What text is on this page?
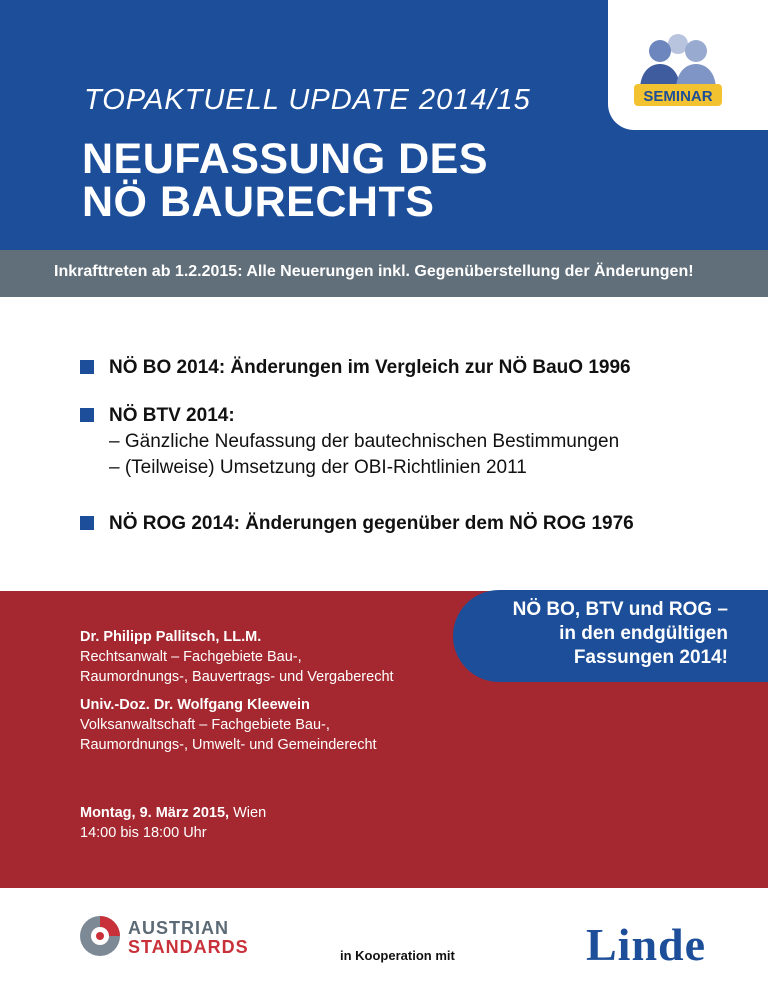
SEMINAR
TOPAKTUELL UPDATE 2014/15
NEUFASSUNG DES
NÖ BAURECHTS
Inkrafttreten ab 1.2.2015: Alle Neuerungen inkl. Gegenüberstellung der Änderungen!
NÖ BO 2014: Änderungen im Vergleich zur NÖ BauO 1996
NÖ BTV 2014:
– Gänzliche Neufassung der bautechnischen Bestimmungen
– (Teilweise) Umsetzung der OBI-Richtlinien 2011
NÖ ROG 2014: Änderungen gegenüber dem NÖ ROG 1976
NÖ BO, BTV und ROG –
in den endgültigen
Fassungen 2014!
Dr. Philipp Pallitsch, LL.M.
Rechtsanwalt – Fachgebiete Bau-,
Raumordnungs-, Bauvertrags- und Vergaberecht
Univ.-Doz. Dr. Wolfgang Kleewein
Volksanwaltschaft – Fachgebiete Bau-,
Raumordnungs-, Umwelt- und Gemeinderecht
Montag, 9. März 2015, Wien
14:00 bis 18:00 Uhr
AUSTRIAN
STANDARDS	in Kooperation mit	Linde
